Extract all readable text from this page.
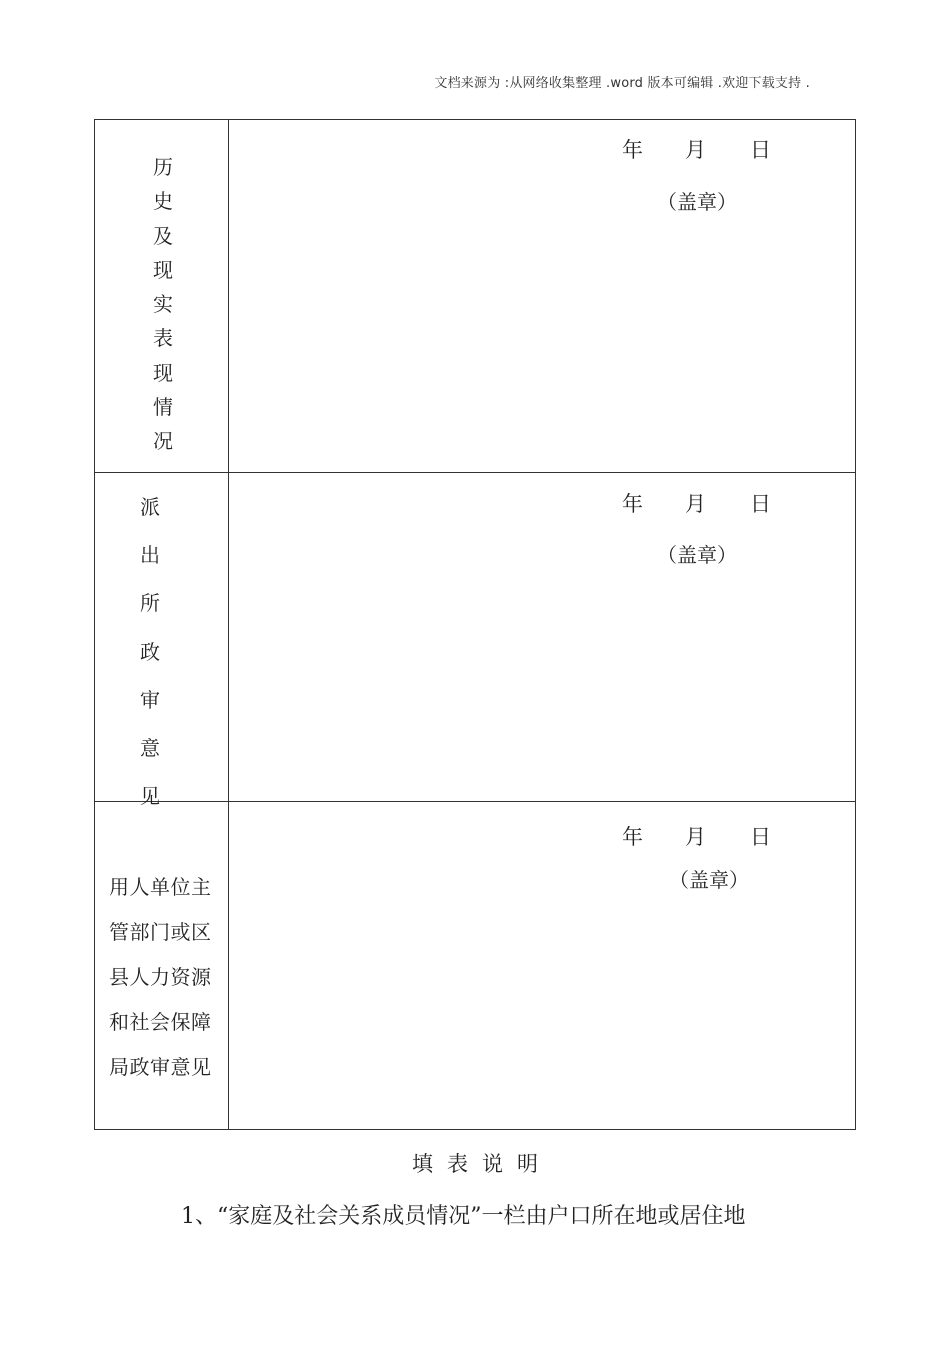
文档来源为 :从网络收集整理 .word 版本可编辑 .欢迎下载支持 .
历
史
及
现
实
表
现
情
况
年 月 日
（盖章）
派
出
所
政
审
意
见
年 月 日
（盖章）
用人单位主
管部门或区
县人力资源
和社会保障
局政审意见
年 月 日
（盖章）
填表说明
1、“家庭及社会关系成员情况”一栏由户口所在地或居住地
